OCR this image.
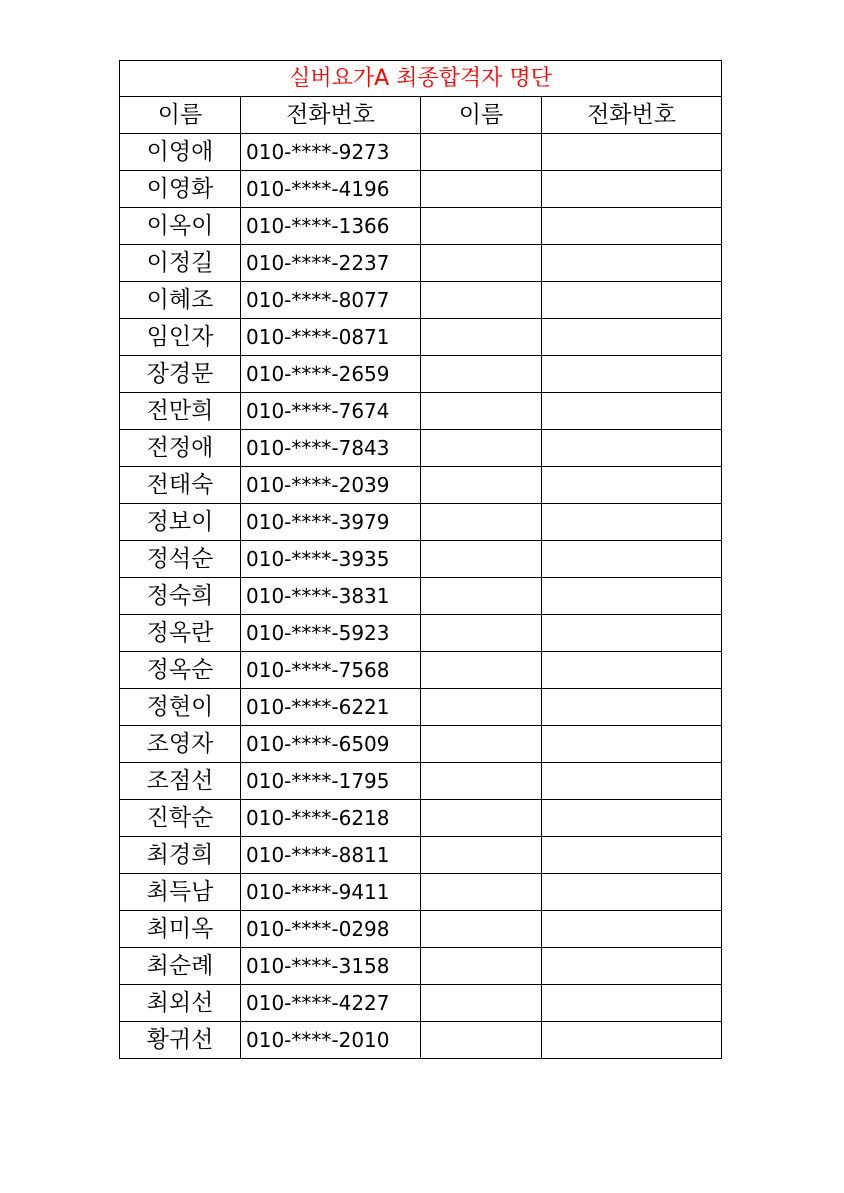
실버요가A 최종합격자 명단			
이름	전화번호	이름	전화번호
이영애	010-****-9273		
이영화	010-****-4196		
이옥이	010-****-1366		
이정길	010-****-2237		
이혜조	010-****-8077		
임인자	010-****-0871		
장경문	010-****-2659		
전만희	010-****-7674		
전정애	010-****-7843		
전태숙	010-****-2039		
정보이	010-****-3979		
정석순	010-****-3935		
정숙희	010-****-3831		
정옥란	010-****-5923		
정옥순	010-****-7568		
정현이	010-****-6221		
조영자	010-****-6509		
조점선	010-****-1795		
진학순	010-****-6218		
최경희	010-****-8811		
최득남	010-****-9411		
최미옥	010-****-0298		
최순례	010-****-3158		
최외선	010-****-4227		
황귀선	010-****-2010		
